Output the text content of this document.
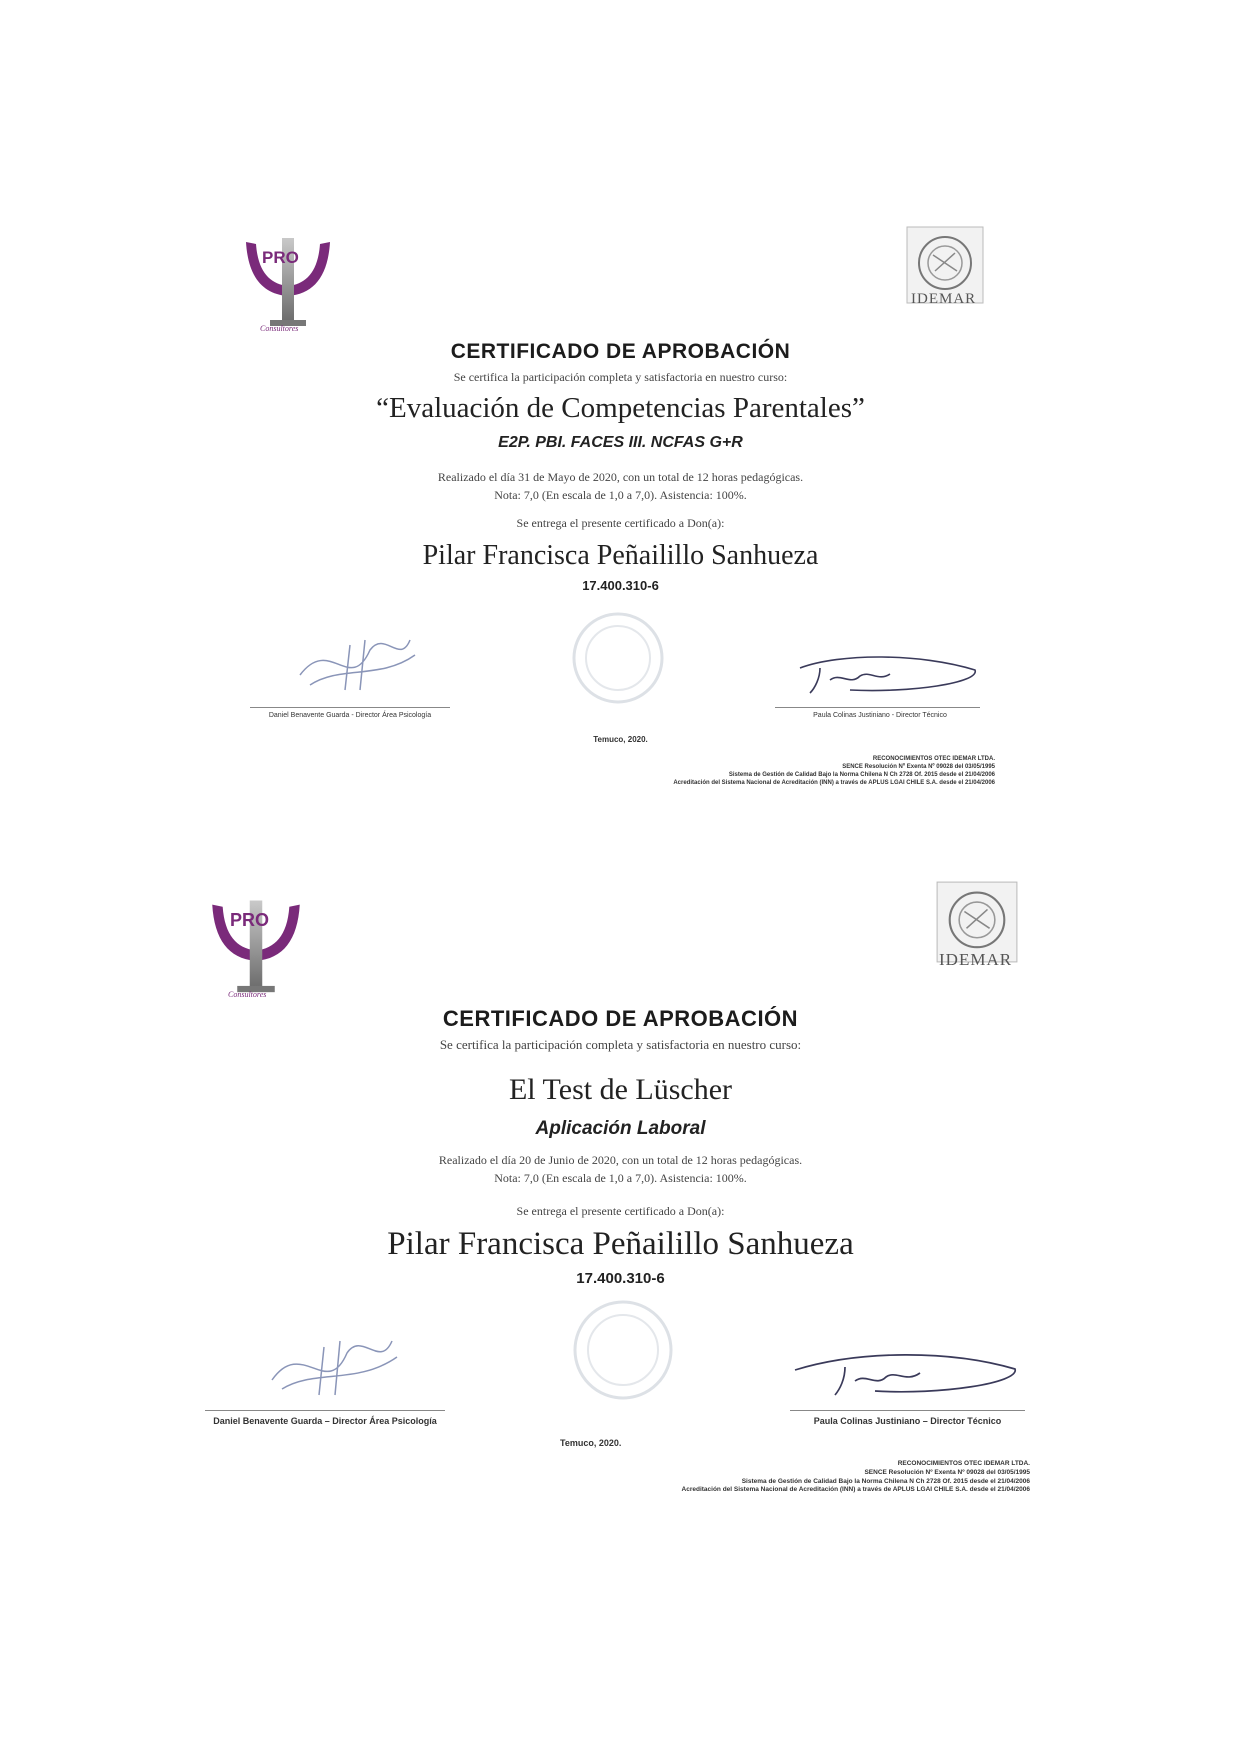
PRO
Consultores
IDEMAR
CERTIFICADO DE APROBACIÓN
Se certifica la participación completa y satisfactoria en nuestro curso:
“Evaluación de Competencias Parentales”
E2P. PBI. FACES III. NCFAS G+R
Realizado el día 31 de Mayo de 2020, con un total de 12 horas pedagógicas.
Nota: 7,0 (En escala de 1,0 a 7,0). Asistencia: 100%.
Se entrega el presente certificado a Don(a):
Pilar Francisca Peñailillo Sanhueza
17.400.310-6
Daniel Benavente Guarda - Director Área Psicología	Paula Colinas Justiniano - Director Técnico
Temuco, 2020.
RECONOCIMIENTOS OTEC IDEMAR LTDA.
SENCE Resolución Nº Exenta Nº 09028 del 03/05/1995
Sistema de Gestión de Calidad Bajo la Norma Chilena N Ch 2728 Of. 2015 desde el 21/04/2006
Acreditación del Sistema Nacional de Acreditación (INN) a través de APLUS LGAI CHILE S.A. desde el 21/04/2006
PRO
Consultores
IDEMAR
CERTIFICADO DE APROBACIÓN
Se certifica la participación completa y satisfactoria en nuestro curso:
El Test de Lüscher
Aplicación Laboral
Realizado el día 20 de Junio de 2020, con un total de 12 horas pedagógicas.
Nota: 7,0 (En escala de 1,0 a 7,0). Asistencia: 100%.
Se entrega el presente certificado a Don(a):
Pilar Francisca Peñailillo Sanhueza
17.400.310-6
Daniel Benavente Guarda – Director Área Psicología	Paula Colinas Justiniano – Director Técnico
Temuco, 2020.
RECONOCIMIENTOS OTEC IDEMAR LTDA.
SENCE Resolución Nº Exenta Nº 09028 del 03/05/1995
Sistema de Gestión de Calidad Bajo la Norma Chilena N Ch 2728 Of. 2015 desde el 21/04/2006
Acreditación del Sistema Nacional de Acreditación (INN) a través de APLUS LGAI CHILE S.A. desde el 21/04/2006
